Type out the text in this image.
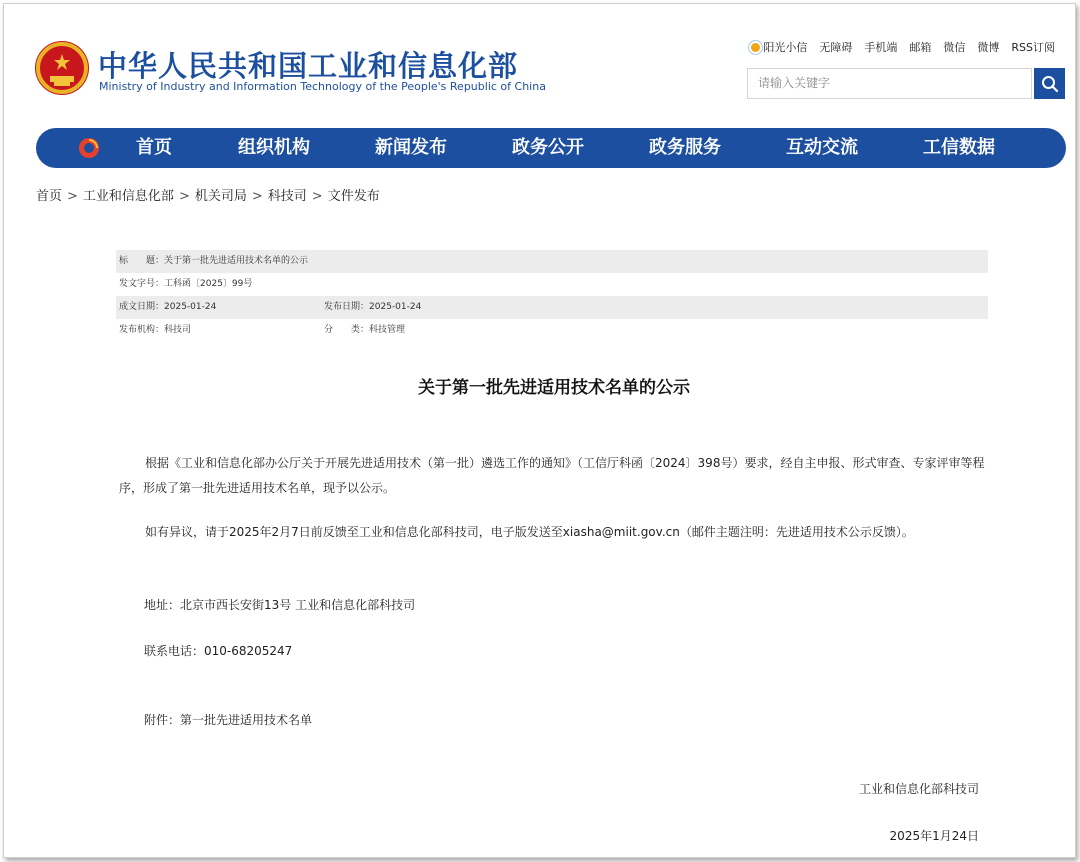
中华人民共和国工业和信息化部
Ministry of Industry and Information Technology of the People's Republic of China
阳光小信 无障碍 手机端 邮箱 微信 微博 RSS订阅
请输入关键字
首页	组织机构	新闻发布	政务公开	政务服务	互动交流	工信数据
首页 > 工业和信息化部 > 机关司局 > 科技司 > 文件发布
标　　题：关于第一批先进适用技术名单的公示
发文字号：工科函〔2025〕99号
成文日期：2025-01-24	发布日期：2025-01-24
发布机构：科技司	分　　类：科技管理
关于第一批先进适用技术名单的公示
根据《工业和信息化部办公厅关于开展先进适用技术（第一批）遴选工作的通知》（工信厅科函〔2024〕398号）要求，经自主申报、形式审查、专家评审等程序，形成了第一批先进适用技术名单，现予以公示。
如有异议，请于2025年2月7日前反馈至工业和信息化部科技司，电子版发送至xiasha@miit.gov.cn（邮件主题注明：先进适用技术公示反馈）。
地址：北京市西长安街13号 工业和信息化部科技司
联系电话：010-68205247
附件：第一批先进适用技术名单
工业和信息化部科技司
2025年1月24日
